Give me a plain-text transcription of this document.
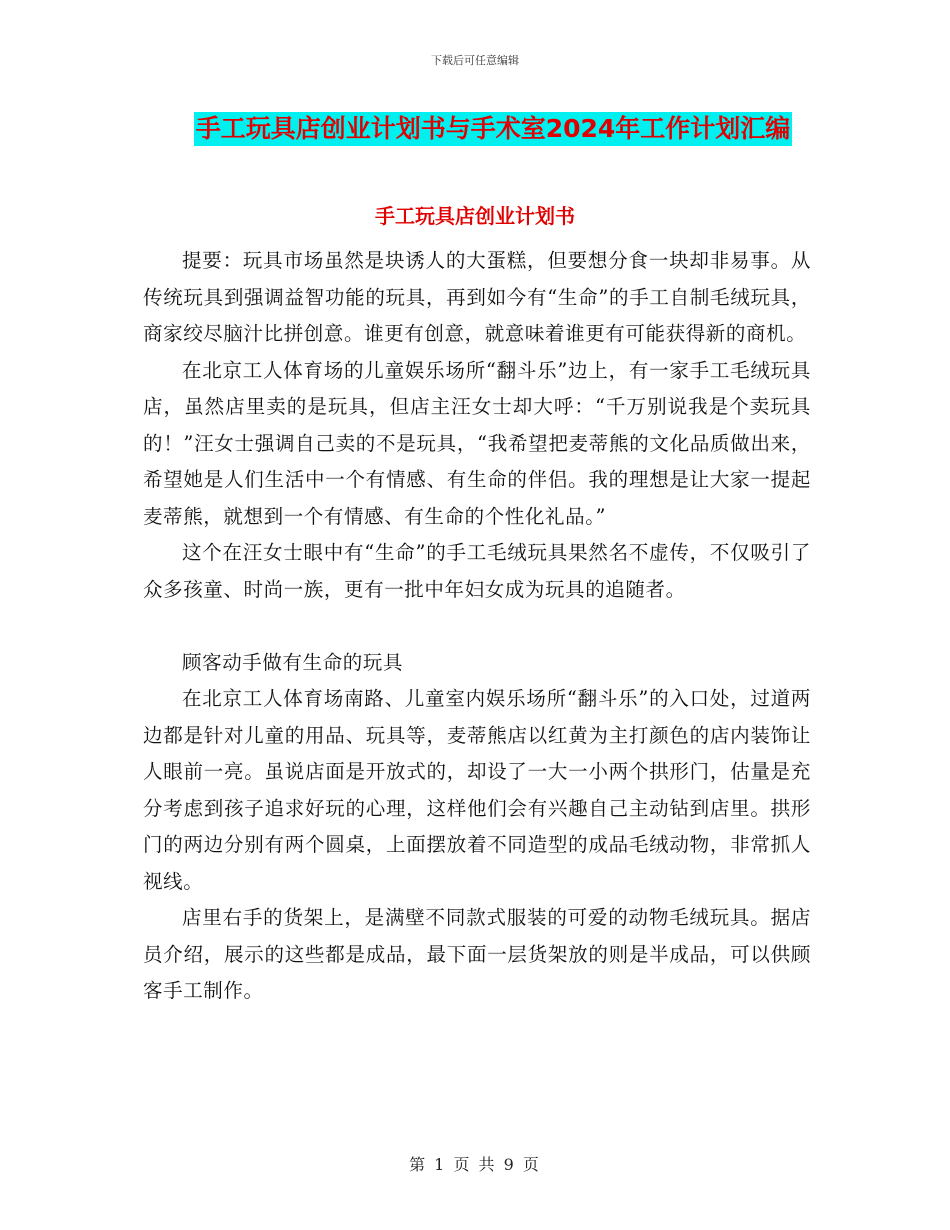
下载后可任意编辑
手工玩具店创业计划书与手术室2024年工作计划汇编
手工玩具店创业计划书

提要：玩具市场虽然是块诱人的大蛋糕，但要想分食一块却非易事。从传统玩具到强调益智功能的玩具，再到如今有“生命”的手工自制毛绒玩具，商家绞尽脑汁比拼创意。谁更有创意，就意味着谁更有可能获得新的商机。

在北京工人体育场的儿童娱乐场所“翻斗乐”边上，有一家手工毛绒玩具店，虽然店里卖的是玩具，但店主汪女士却大呼：“千万别说我是个卖玩具的！”汪女士强调自己卖的不是玩具，“我希望把麦蒂熊的文化品质做出来，希望她是人们生活中一个有情感、有生命的伴侣。我的理想是让大家一提起麦蒂熊，就想到一个有情感、有生命的个性化礼品。”

这个在汪女士眼中有“生命”的手工毛绒玩具果然名不虚传，不仅吸引了众多孩童、时尚一族，更有一批中年妇女成为玩具的追随者。

顾客动手做有生命的玩具

在北京工人体育场南路、儿童室内娱乐场所“翻斗乐”的入口处，过道两边都是针对儿童的用品、玩具等，麦蒂熊店以红黄为主打颜色的店内装饰让人眼前一亮。虽说店面是开放式的，却设了一大一小两个拱形门，估量是充分考虑到孩子追求好玩的心理，这样他们会有兴趣自己主动钻到店里。拱形门的两边分别有两个圆桌，上面摆放着不同造型的成品毛绒动物，非常抓人视线。

店里右手的货架上，是满壁不同款式服装的可爱的动物毛绒玩具。据店员介绍，展示的这些都是成品，最下面一层货架放的则是半成品，可以供顾客手工制作。

第 1 页 共 9 页
